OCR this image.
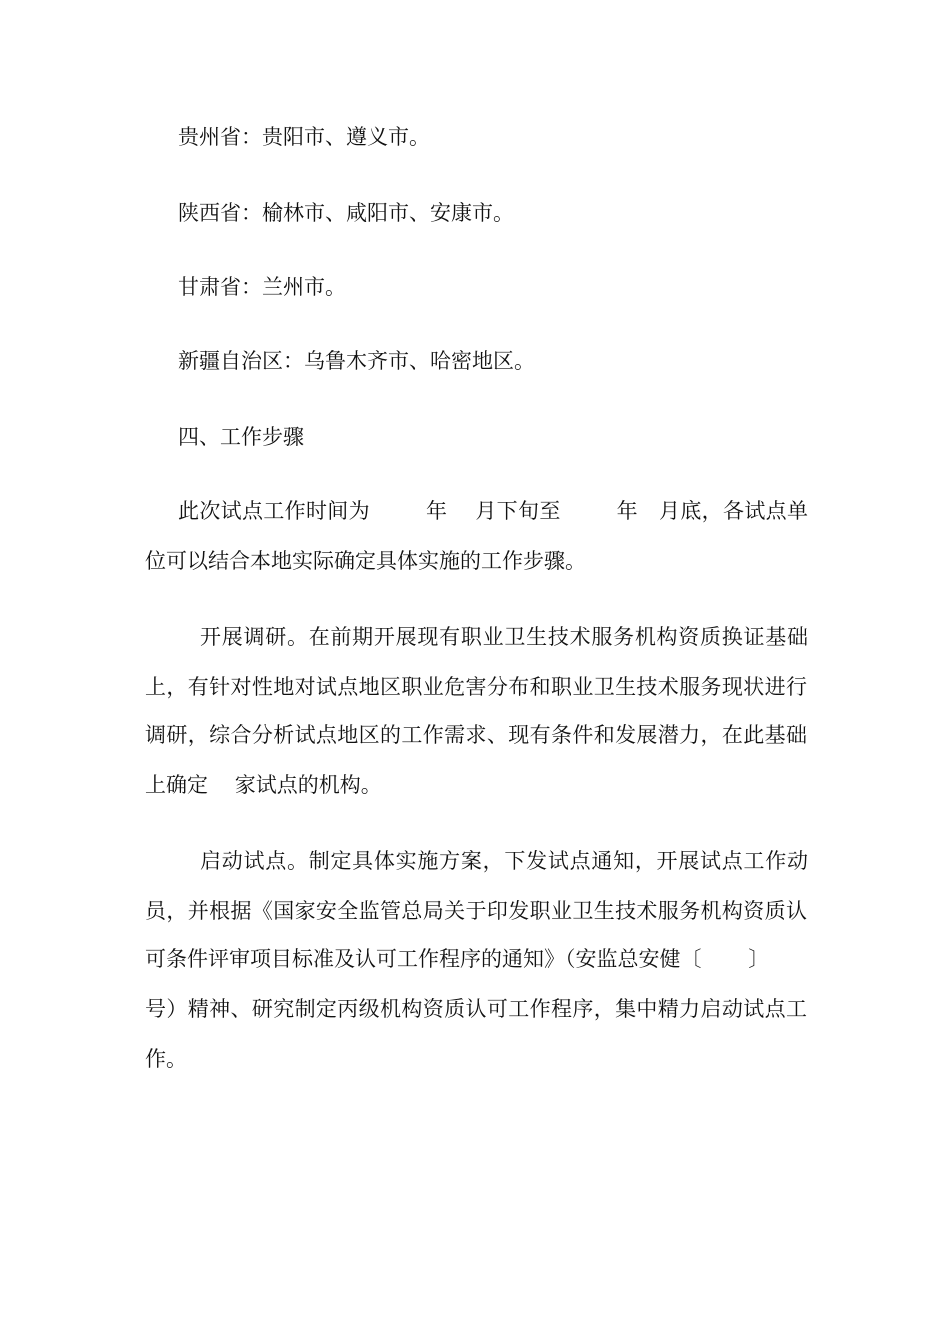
贵州省：贵阳市、遵义市。
陕西省：榆林市、咸阳市、安康市。
甘肃省：兰州市。
新疆自治区：乌鲁木齐市、哈密地区。
四、工作步骤
此次试点工作时间为        年    月下旬至        年   月底，各试点单
位可以结合本地实际确定具体实施的工作步骤。
开展调研。在前期开展现有职业卫生技术服务机构资质换证基础
上，有针对性地对试点地区职业危害分布和职业卫生技术服务现状进行
调研，综合分析试点地区的工作需求、现有条件和发展潜力，在此基础
上确定    家试点的机构。
启动试点。制定具体实施方案，下发试点通知，开展试点工作动
员，并根据《国家安全监管总局关于印发职业卫生技术服务机构资质认
可条件评审项目标准及认可工作程序的通知》（安监总安健〔       〕
号）精神、研究制定丙级机构资质认可工作程序，集中精力启动试点工
作。
